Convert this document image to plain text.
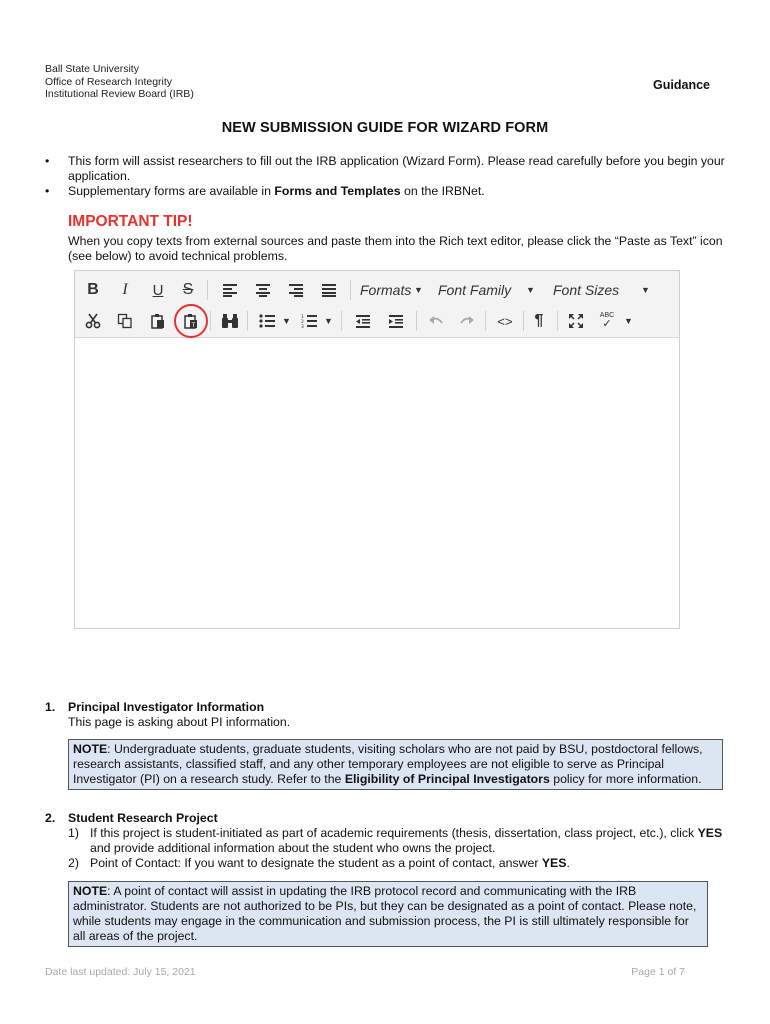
Ball State University
Office of Research Integrity
Institutional Review Board (IRB)
Guidance
NEW SUBMISSION GUIDE FOR WIZARD FORM
• This form will assist researchers to fill out the IRB application (Wizard Form). Please read carefully before you begin your application.
• Supplementary forms are available in Forms and Templates on the IRBNet.
IMPORTANT TIP!
When you copy texts from external sources and paste them into the Rich text editor, please click the “Paste as Text” icon (see below) to avoid technical problems.
B	I	U	S	Formats ▼ Font Family ▼ Font Sizes ▼
T	▼ 1
2
3
▼	<>	¶	ABC
✓ ▼
1. Principal Investigator Information
This page is asking about PI information.
NOTE: Undergraduate students, graduate students, visiting scholars who are not paid by BSU, postdoctoral fellows, research assistants, classified staff, and any other temporary employees are not eligible to serve as Principal Investigator (PI) on a research study. Refer to the Eligibility of Principal Investigators policy for more information.
2. Student Research Project
1) If this project is student-initiated as part of academic requirements (thesis, dissertation, class project, etc.), click YES and provide additional information about the student who owns the project.
2) Point of Contact: If you want to designate the student as a point of contact, answer YES.
NOTE: A point of contact will assist in updating the IRB protocol record and communicating with the IRB administrator. Students are not authorized to be PIs, but they can be designated as a point of contact. Please note, while students may engage in the communication and submission process, the PI is still ultimately responsible for all areas of the project.
Date last updated: July 15, 2021	Page 1 of 7
